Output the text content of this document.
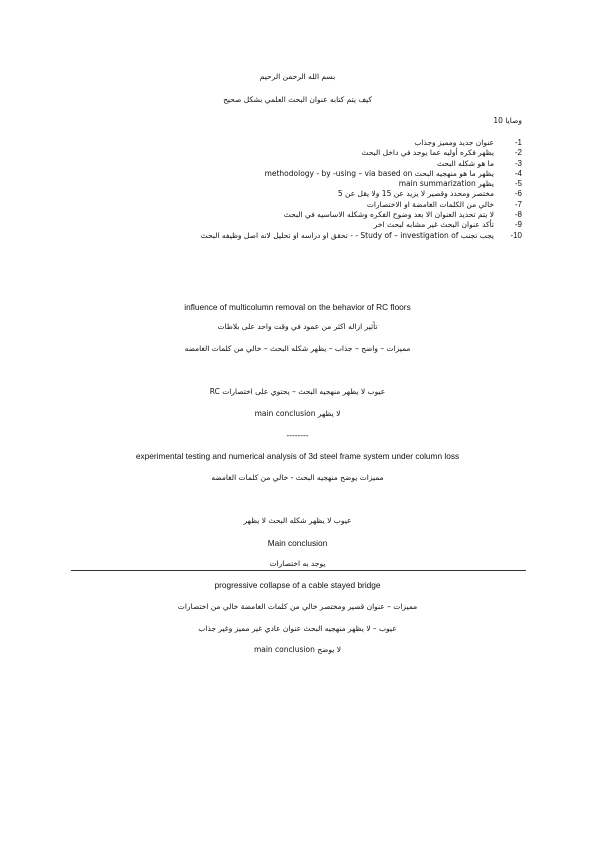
بسم الله الرحمن الرحيم
كيف يتم كتابه عنوان البحث العلمي بشكل صحيح
وصايا 10
-1
عنوان جديد ومميز وجذاب
-2
يظهر فكره أوليه عما يوجد في داخل البحث
-3
ما هو شكله البحث
-4
يظهر ما هو منهجيه البحث methodology - by -using – via based on
-5
يظهر main summarization
-6
مختصر ومحدد وقصير لا يزيد عن 15 ولا يقل عن 5
-7
خالي من الكلمات الغامضة او الاختصارات
-8
لا يتم تحديد العنوان الا بعد وضوح الفكره وشكله الاساسيه في البحث
-9
تأكد عنوان البحث غير مشابه لبحث اخر
-10
يجب تجنب Study of – investigation of - - تحقق او دراسه او تحليل لانه اصل وظيفه البحث
influence of multicolumn removal on the behavior of RC floors
تأثير ازاله اكثر من عمود في وقت واحد على بلاطات
مميزات – واضح – جذاب – يظهر شكله البحث – خالي من كلمات الغامضه
عيوب لا يظهر منهجيه البحث – يحتوي على اختصارات RC
لا يظهر main conclusion
--------
experimental testing and numerical analysis of 3d steel frame system under column loss
مميزات يوضح منهجيه البحث - خالي من كلمات الغامضه
عيوب لا يظهر شكله البحث لا يظهر
Main conclusion
يوجد به اختصارات
progressive collapse of a cable stayed bridge
مميزات – عنوان قصير ومختصر خالي من كلمات الغامضة خالي من اختصارات
عيوب – لا يظهر منهجيه البحث عنوان عادي غير مميز وغير جذاب
لا يوضح main conclusion
